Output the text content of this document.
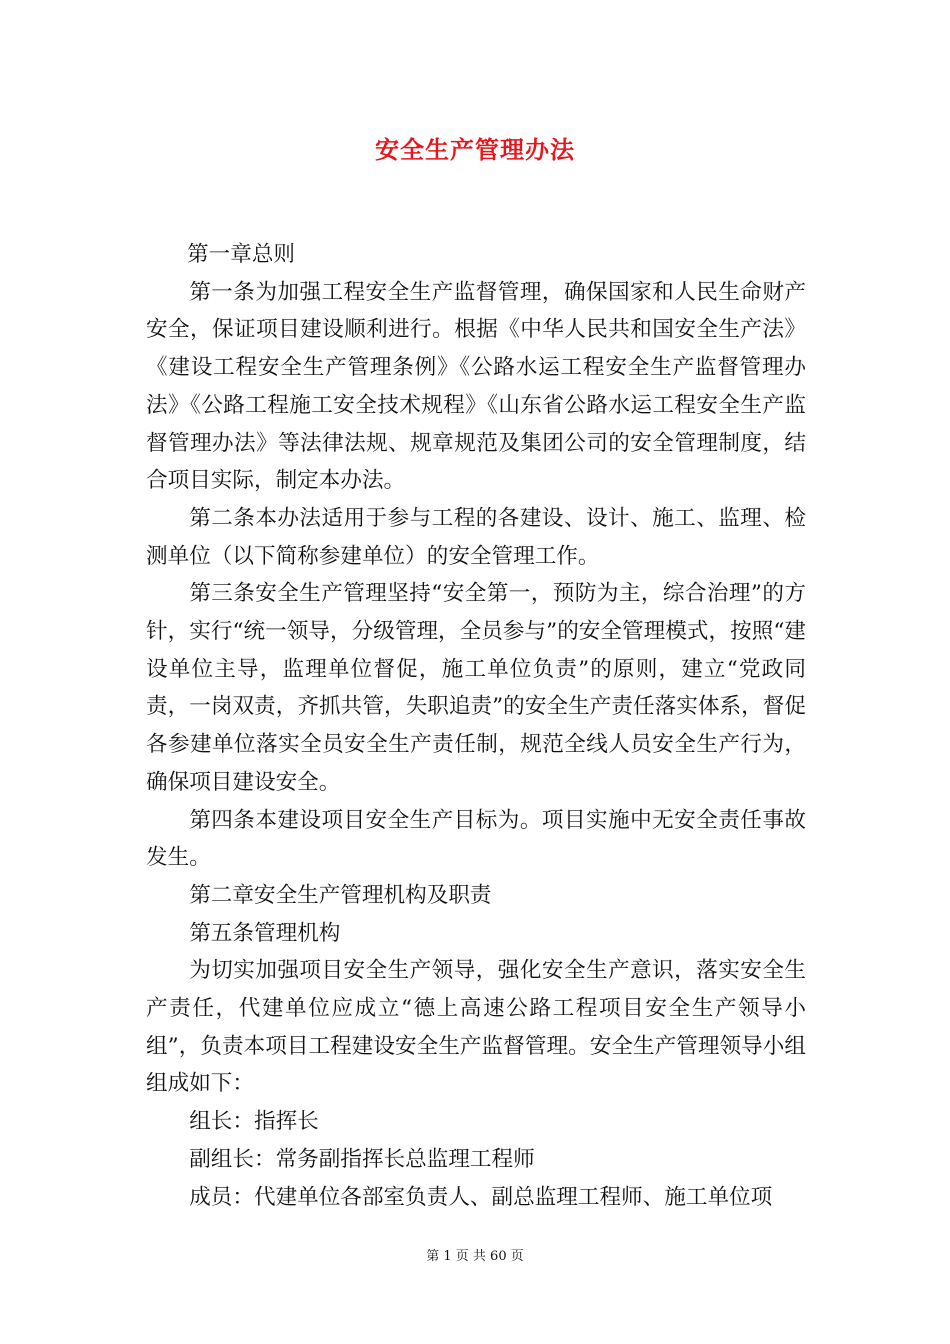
安全生产管理办法

第一章总则

第一条为加强工程安全生产监督管理，确保国家和人民生命财产安全，保证项目建设顺利进行。根据《中华人民共和国安全生产法》《建设工程安全生产管理条例》《公路水运工程安全生产监督管理办法》《公路工程施工安全技术规程》《山东省公路水运工程安全生产监督管理办法》等法律法规、规章规范及集团公司的安全管理制度，结合项目实际，制定本办法。

第二条本办法适用于参与工程的各建设、设计、施工、监理、检测单位（以下简称参建单位）的安全管理工作。

第三条安全生产管理坚持“安全第一，预防为主，综合治理”的方针，实行“统一领导，分级管理，全员参与”的安全管理模式，按照“建设单位主导，监理单位督促，施工单位负责”的原则，建立“党政同责，一岗双责，齐抓共管，失职追责”的安全生产责任落实体系，督促各参建单位落实全员安全生产责任制，规范全线人员安全生产行为，确保项目建设安全。

第四条本建设项目安全生产目标为。项目实施中无安全责任事故发生。

第二章安全生产管理机构及职责

第五条管理机构

为切实加强项目安全生产领导，强化安全生产意识，落实安全生产责任，代建单位应成立“德上高速公路工程项目安全生产领导小组”，负责本项目工程建设安全生产监督管理。安全生产管理领导小组组成如下：

组长：指挥长

副组长：常务副指挥长总监理工程师

成员：代建单位各部室负责人、副总监理工程师、施工单位项

第 1 页 共 60 页
